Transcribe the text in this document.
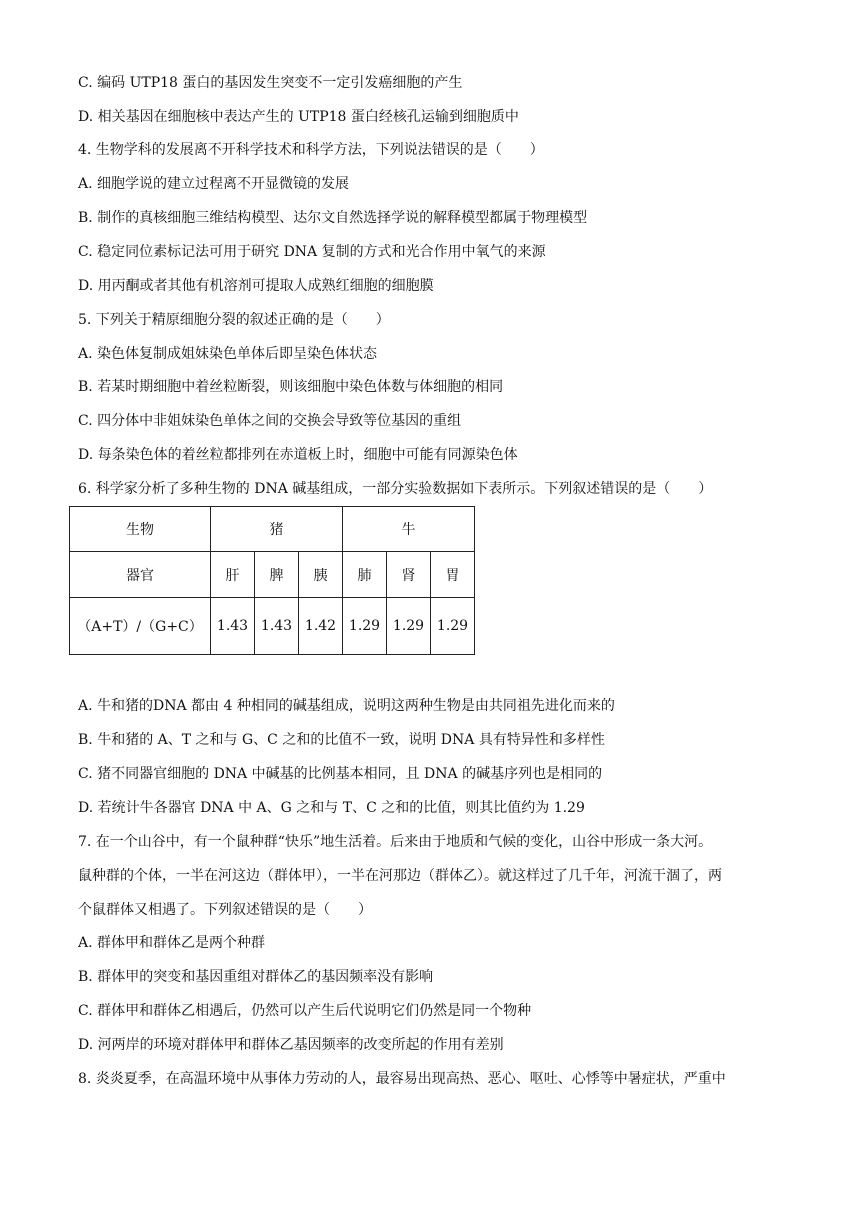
C. 编码 UTP18 蛋白的基因发生突变不一定引发癌细胞的产生
D. 相关基因在细胞核中表达产生的 UTP18 蛋白经核孔运输到细胞质中
4. 生物学科的发展离不开科学技术和科学方法，下列说法错误的是（　　）
A. 细胞学说的建立过程离不开显微镜的发展
B. 制作的真核细胞三维结构模型、达尔文自然选择学说的解释模型都属于物理模型
C. 稳定同位素标记法可用于研究 DNA 复制的方式和光合作用中氧气的来源
D. 用丙酮或者其他有机溶剂可提取人成熟红细胞的细胞膜
5. 下列关于精原细胞分裂的叙述正确的是（　　）
A. 染色体复制成姐妹染色单体后即呈染色体状态
B. 若某时期细胞中着丝粒断裂，则该细胞中染色体数与体细胞的相同
C. 四分体中非姐妹染色单体之间的交换会导致等位基因的重组
D. 每条染色体的着丝粒都排列在赤道板上时，细胞中可能有同源染色体
6. 科学家分析了多种生物的 DNA 碱基组成，一部分实验数据如下表所示。下列叙述错误的是（　　）
生物	猪			牛		
器官	肝	脾	胰	肺	肾	胃
（A+T）/（G+C）	1.43	1.43	1.42	1.29	1.29	1.29
A. 牛和猪的DNA 都由 4 种相同的碱基组成，说明这两种生物是由共同祖先进化而来的
B. 牛和猪的 A、T 之和与 G、C 之和的比值不一致，说明 DNA 具有特异性和多样性
C. 猪不同器官细胞的 DNA 中碱基的比例基本相同，且 DNA 的碱基序列也是相同的
D. 若统计牛各器官 DNA 中 A、G 之和与 T、C 之和的比值，则其比值约为 1.29
7. 在一个山谷中，有一个鼠种群“快乐”地生活着。后来由于地质和气候的变化，山谷中形成一条大河。
鼠种群的个体，一半在河这边（群体甲），一半在河那边（群体乙）。就这样过了几千年，河流干涸了，两
个鼠群体又相遇了。下列叙述错误的是（　　）
A. 群体甲和群体乙是两个种群
B. 群体甲的突变和基因重组对群体乙的基因频率没有影响
C. 群体甲和群体乙相遇后，仍然可以产生后代说明它们仍然是同一个物种
D. 河两岸的环境对群体甲和群体乙基因频率的改变所起的作用有差别
8. 炎炎夏季，在高温环境中从事体力劳动的人，最容易出现高热、恶心、呕吐、心悸等中暑症状，严重中
